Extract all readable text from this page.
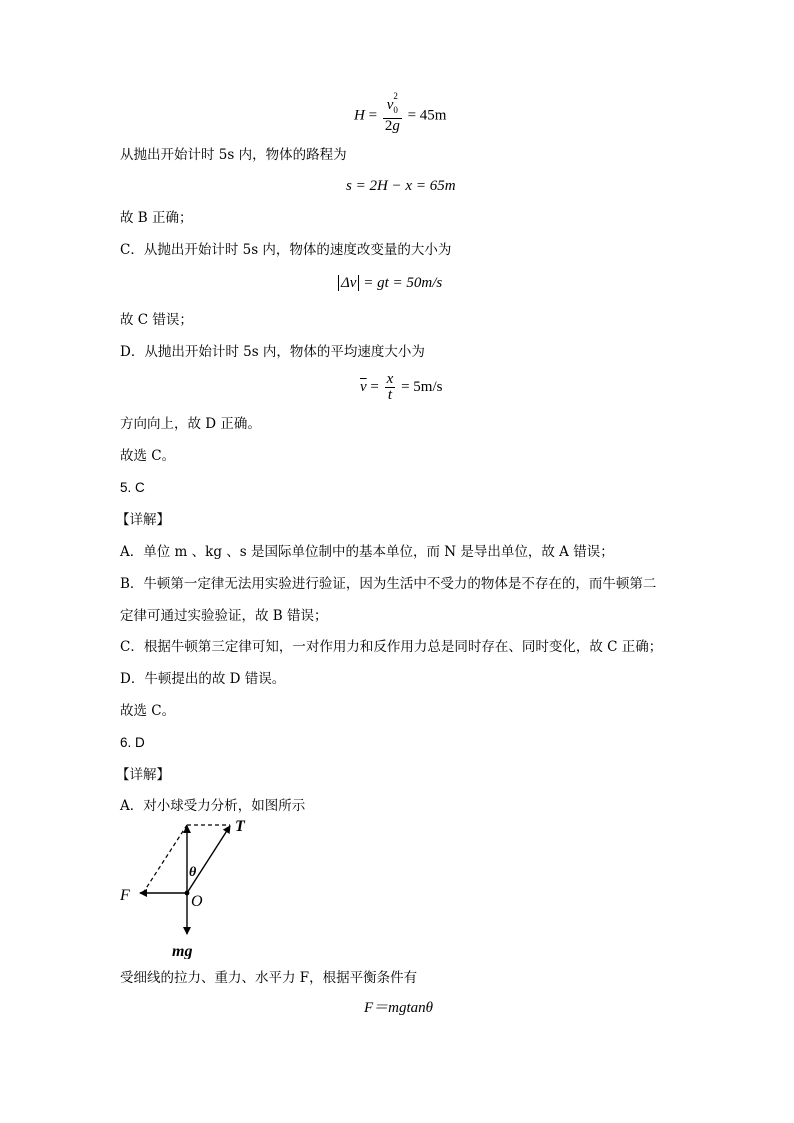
$H = v_0$
2
2g = 45m
从抛出开始计时 5s 内，物体的路程为
s = 2H − x = 65m
故 B 正确；
C．从抛出开始计时 5s 内，物体的速度改变量的大小为
Δv = gt = 50m/s
故 C 错误；
D．从抛出开始计时 5s 内，物体的平均速度大小为
$\overline{v} = \frac{x}{t} = 5m/s$
方向向上，故 D 正确。
故选 C。
5. C
【详解】
A．单位 m 、kg 、s 是国际单位制中的基本单位，而 N 是导出单位，故 A 错误；
B．牛顿第一定律无法用实验进行验证，因为生活中不受力的物体是不存在的，而牛顿第二
定律可通过实验验证，故 B 错误；
C．根据牛顿第三定律可知，一对作用力和反作用力总是同时存在、同时变化，故 C 正确；
D．牛顿提出的故 D 错误。
故选 C。
6. D
【详解】
A．对小球受力分析，如图所示
T
θ
F	O
mg
受细线的拉力、重力、水平力 F，根据平衡条件有
F＝mgtanθ
